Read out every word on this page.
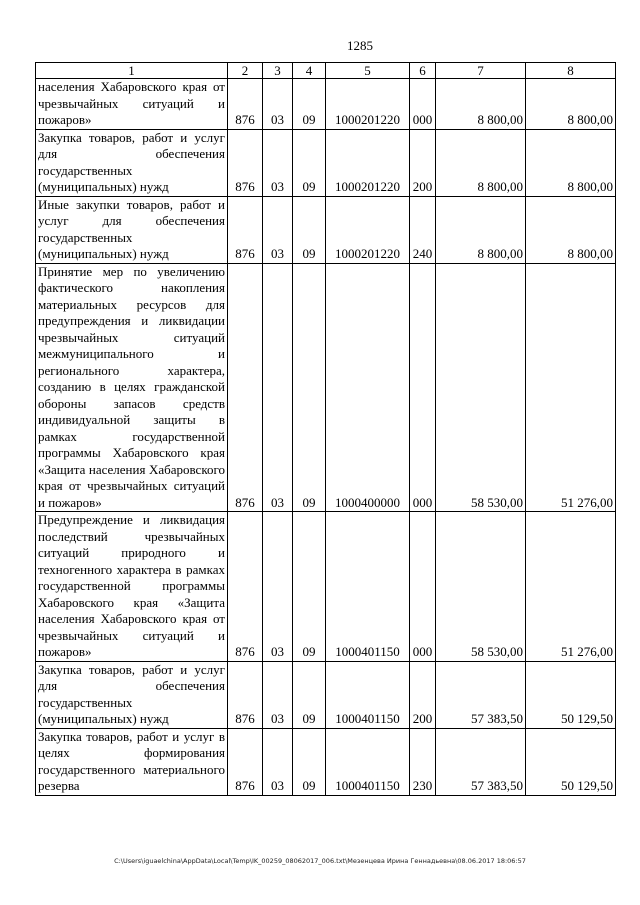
1285
1	2	3	4	5	6	7	8
населения Хабаровского края от чрезвычайных ситуаций и пожаров»	876	03	09	1000201220	000	8 800,00	8 800,00
Закупка товаров, работ и услуг для обеспечения государственных (муниципальных) нужд	876	03	09	1000201220	200	8 800,00	8 800,00
Иные закупки товаров, работ и услуг для обеспечения государственных (муниципальных) нужд	876	03	09	1000201220	240	8 800,00	8 800,00
Принятие мер по увеличению фактического накопления материальных ресурсов для предупреждения и ликвидации чрезвычайных ситуаций межмуниципального и регионального характера, созданию в целях гражданской обороны запасов средств индивидуальной защиты в рамках государственной программы Хабаровского края «Защита населения Хабаровского края от чрезвычайных ситуаций и пожаров»	876	03	09	1000400000	000	58 530,00	51 276,00
Предупреждение и ликвидация последствий чрезвычайных ситуаций природного и техногенного характера в рамках государственной программы Хабаровского края «Защита населения Хабаровского края от чрезвычайных ситуаций и пожаров»	876	03	09	1000401150	000	58 530,00	51 276,00
Закупка товаров, работ и услуг для обеспечения государственных (муниципальных) нужд	876	03	09	1000401150	200	57 383,50	50 129,50
Закупка товаров, работ и услуг в целях формирования государственного материального резерва	876	03	09	1000401150	230	57 383,50	50 129,50
C:\Users\iguaelchina\AppData\Local\Temp\IK_00259_08062017_006.txt\Мезенцева Ирина Геннадьевна\08.06.2017 18:06:57
